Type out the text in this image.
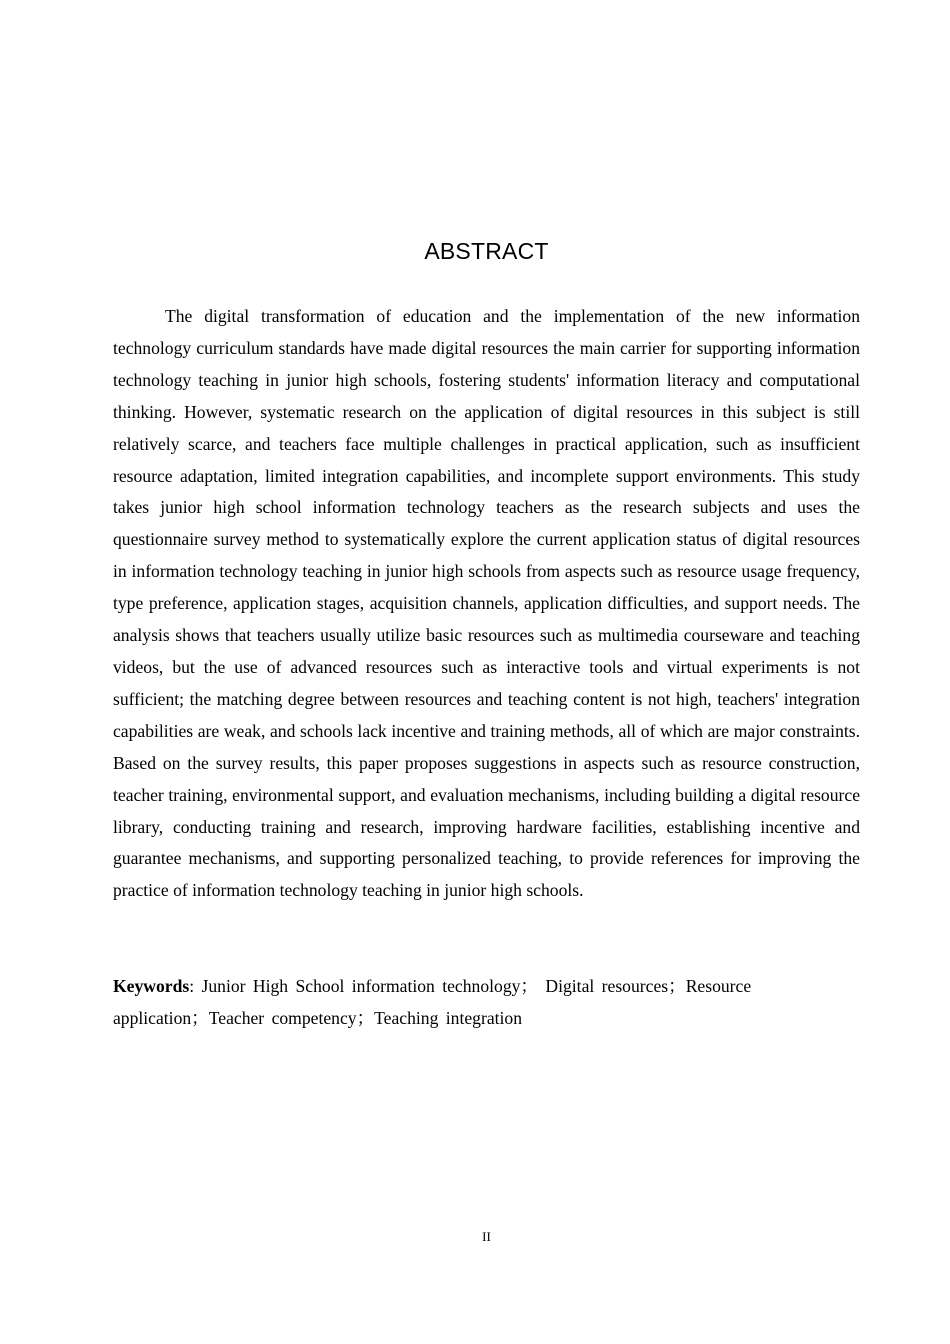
ABSTRACT

The digital transformation of education and the implementation of the new information technology curriculum standards have made digital resources the main carrier for supporting information technology teaching in junior high schools, fostering students' information literacy and computational thinking. However, systematic research on the application of digital resources in this subject is still relatively scarce, and teachers face multiple challenges in practical application, such as insufficient resource adaptation, limited integration capabilities, and incomplete support environments. This study takes junior high school information technology teachers as the research subjects and uses the questionnaire survey method to systematically explore the current application status of digital resources in information technology teaching in junior high schools from aspects such as resource usage frequency, type preference, application stages, acquisition channels, application difficulties, and support needs. The analysis shows that teachers usually utilize basic resources such as multimedia courseware and teaching videos, but the use of advanced resources such as interactive tools and virtual experiments is not sufficient; the matching degree between resources and teaching content is not high, teachers' integration capabilities are weak, and schools lack incentive and training methods, all of which are major constraints. Based on the survey results, this paper proposes suggestions in aspects such as resource construction, teacher training, environmental support, and evaluation mechanisms, including building a digital resource library, conducting training and research, improving hardware facilities, establishing incentive and guarantee mechanisms, and supporting personalized teaching, to provide references for improving the practice of information technology teaching in junior high schools.

Keywords: Junior High School information technology； Digital resources；Resource
application；Teacher competency；Teaching integration

II
